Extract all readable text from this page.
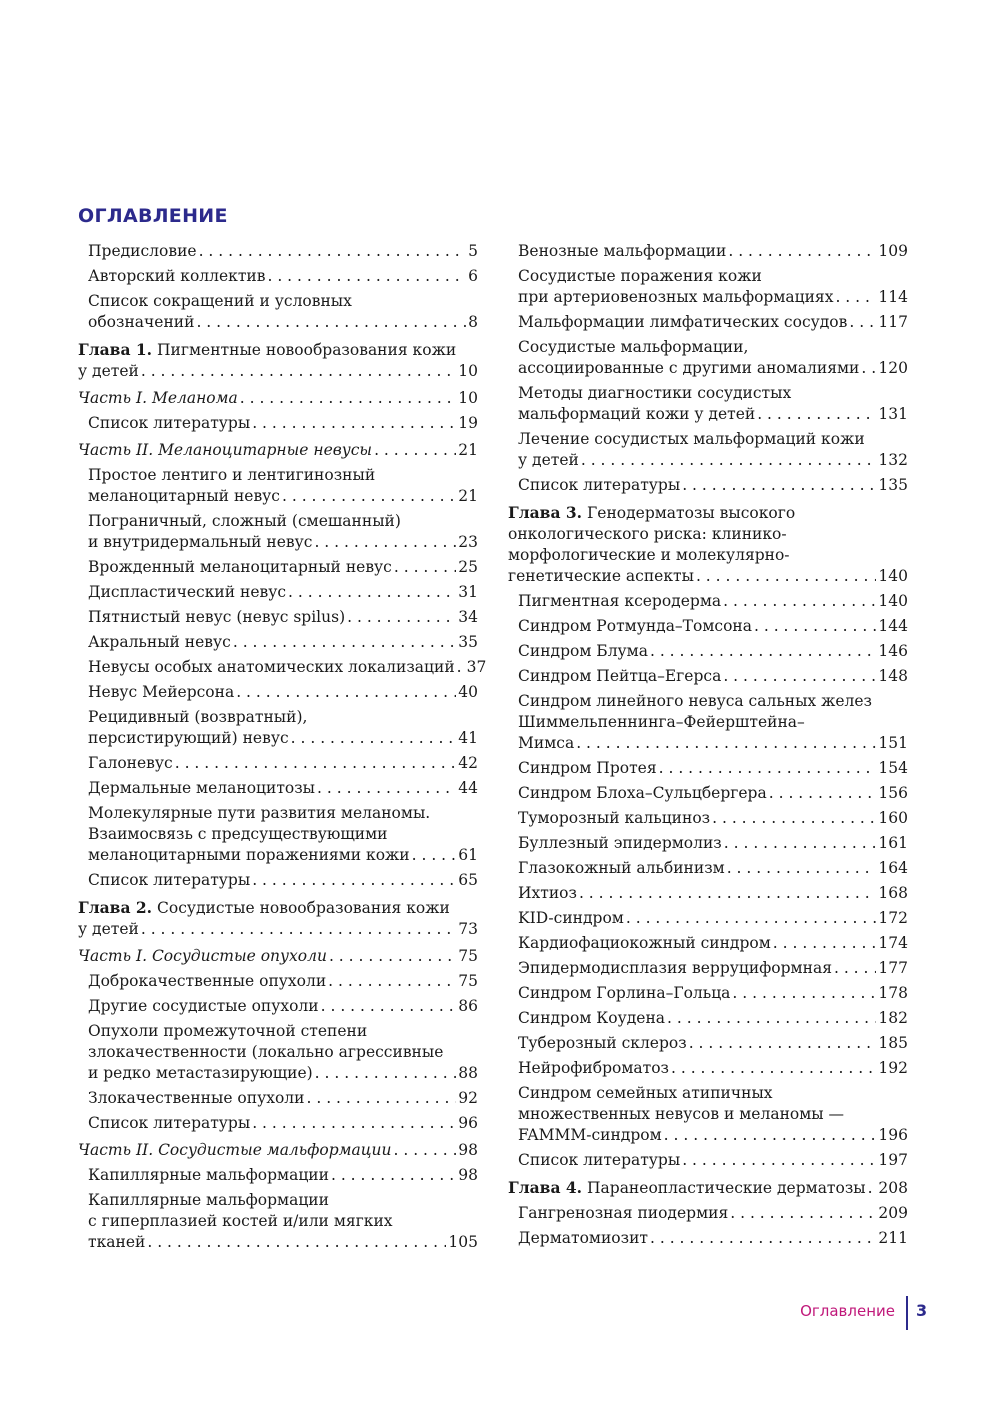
ОГЛАВЛЕНИЕ
Предисловие . . .	5
Авторский коллектив . . .	6
Список сокращений и условных
обозначений . . .	8
Глава 1. Пигментные новообразования кожи
у детей . . .	10
Часть I. Меланома . . .	10
Список литературы . . .	19
Часть II. Меланоцитарные невусы . . .	21
Простое лентиго и лентигинозный
меланоцитарный невус . . .	21
Пограничный, сложный (смешанный)
и внутридермальный невус . . .	23
Врожденный меланоцитарный невус . . .	25
Диспластический невус . . .	31
Пятнистый невус (невус spilus) . . .	34
Акральный невус . . .	35
Невусы особых анатомических локализаций . . . 37
Невус Мейерсона . . .	40
Рецидивный (возвратный),
персистирующий) невус . . .	41
Галоневус . . .	42
Дермальные меланоцитозы . . .	44
Молекулярные пути развития меланомы.
Взаимосвязь с предсуществующими
меланоцитарными поражениями кожи . . .	61
Список литературы . . .	65
Глава 2. Сосудистые новообразования кожи
у детей . . .	73
Часть I. Сосудистые опухоли . . .	75
Доброкачественные опухоли . . .	75
Другие сосудистые опухоли . . .	86
Опухоли промежуточной степени
злокачественности (локально агрессивные
и редко метастазирующие) . . .	88
Злокачественные опухоли . . .	92
Список литературы . . .	96
Часть II. Сосудистые мальформации . . .	98
Капиллярные мальформации . . .	98
Капиллярные мальформации
с гиперплазией костей и/или мягких
тканей . . .	105
Венозные мальформации . . .	109
Сосудистые поражения кожи
при артериовенозных мальформациях . . .	114
Мальформации лимфатических сосудов . . . 117
Сосудистые мальформации,
ассоциированные с другими аномалиями . . . 120
Методы диагностики сосудистых
мальформаций кожи у детей . . .	131
Лечение сосудистых мальформаций кожи
у детей . . .	132
Список литературы . . .	135
Глава 3. Генодерматозы высокого
онкологического риска: клинико-
морфологические и молекулярно-
генетические аспекты . . .	140
Пигментная ксеродерма . . .	140
Синдром Ротмунда–Томсона . . .	144
Синдром Блума . . .	146
Синдром Пейтца–Егерса . . .	148
Синдром линейного невуса сальных желез
Шиммельпеннинга–Фейерштейна–
Мимса . . .	151
Синдром Протея . . .	154
Синдром Блоха–Сульцбергера . . .	156
Туморозный кальциноз . . .	160
Буллезный эпидермолиз . . .	161
Глазокожный альбинизм . . .	164
Ихтиоз . . .	168
KID-синдром . . .	172
Кардиофациокожный синдром . . .	174
Эпидермодисплазия верруциформная . . .	177
Синдром Горлина–Гольца . . .	178
Синдром Коудена . . .	182
Туберозный склероз . . .	185
Нейрофиброматоз . . .	192
Синдром семейных атипичных
множественных невусов и меланомы —
FAMMM-синдром . . .	196
Список литературы . . .	197
Глава 4. Паранеопластические дерматозы . . . 208
Гангренозная пиодермия . . .	209
Дерматомиозит . . .	211
Оглавление 3
